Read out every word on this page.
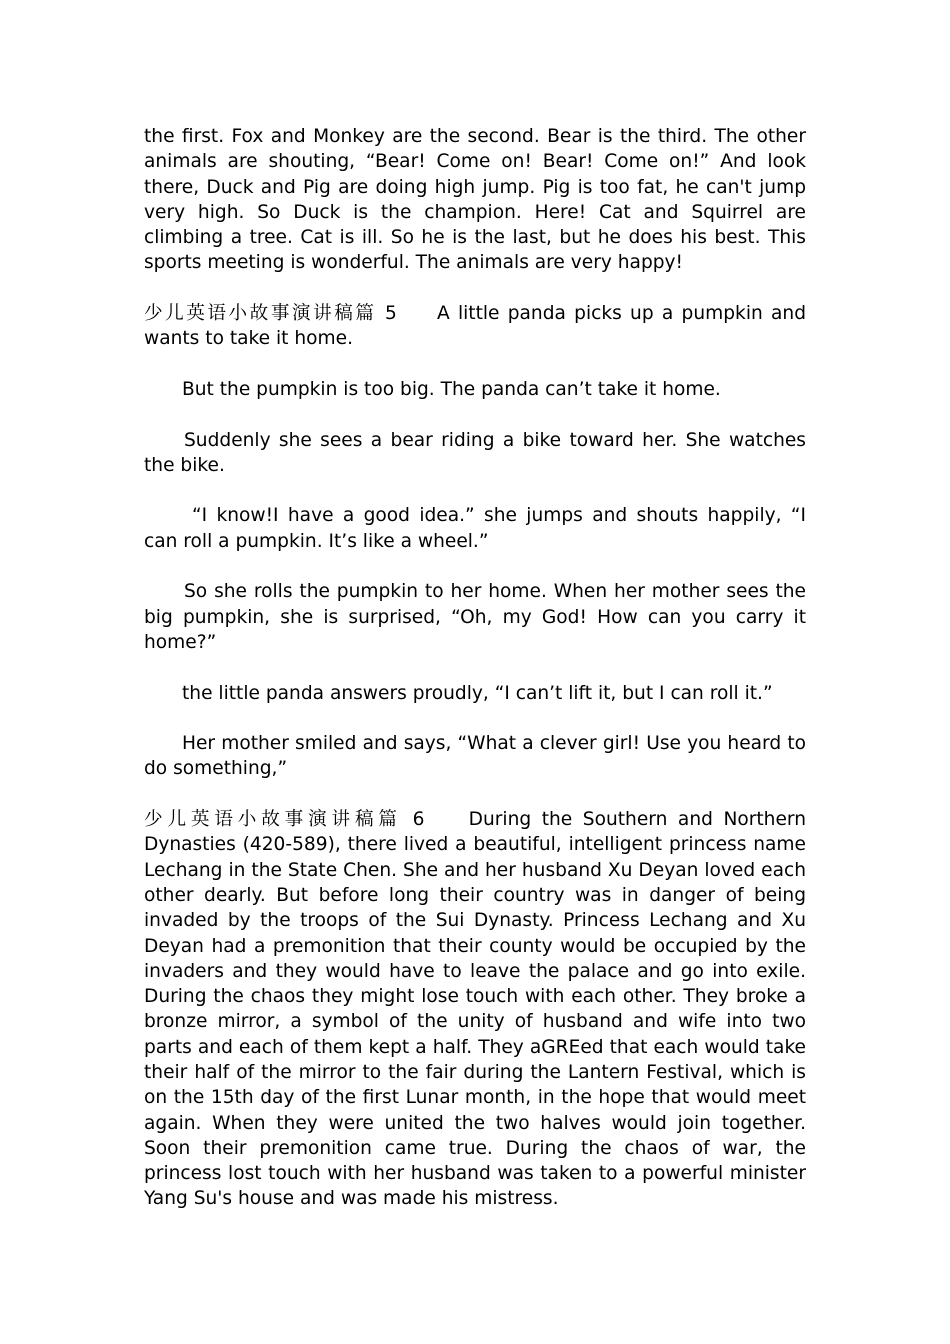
the first. Fox and Monkey are the second. Bear is the third. The other animals are shouting, “Bear! Come on! Bear! Come on!” And look there, Duck and Pig are doing high jump. Pig is too fat, he can't jump very high. So Duck is the champion. Here! Cat and Squirrel are climbing a tree. Cat is ill. So he is the last, but he does his best. This sports meeting is wonderful. The animals are very happy!

少儿英语小故事演讲稿篇 5 A little panda picks up a pumpkin and wants to take it home.

But the pumpkin is too big. The panda can’t take it home.

Suddenly she sees a bear riding a bike toward her. She watches the bike.

“I know!I have a good idea.” she jumps and shouts happily, “I can roll a pumpkin. It’s like a wheel.”

So she rolls the pumpkin to her home. When her mother sees the big pumpkin, she is surprised, “Oh, my God! How can you carry it home?”

the little panda answers proudly, “I can’t lift it, but I can roll it.”

Her mother smiled and says, “What a clever girl! Use you heard to do something,”

少儿英语小故事演讲稿篇 6 During the Southern and Northern Dynasties (420-589), there lived a beautiful, intelligent princess name Lechang in the State Chen. She and her husband Xu Deyan loved each other dearly. But before long their country was in danger of being invaded by the troops of the Sui Dynasty. Princess Lechang and Xu Deyan had a premonition that their county would be occupied by the invaders and they would have to leave the palace and go into exile. During the chaos they might lose touch with each other. They broke a bronze mirror, a symbol of the unity of husband and wife into two parts and each of them kept a half. They aGREed that each would take their half of the mirror to the fair during the Lantern Festival, which is on the 15th day of the first Lunar month, in the hope that would meet again. When they were united the two halves would join together. Soon their premonition came true. During the chaos of war, the princess lost touch with her husband was taken to a powerful minister Yang Su's house and was made his mistress.
